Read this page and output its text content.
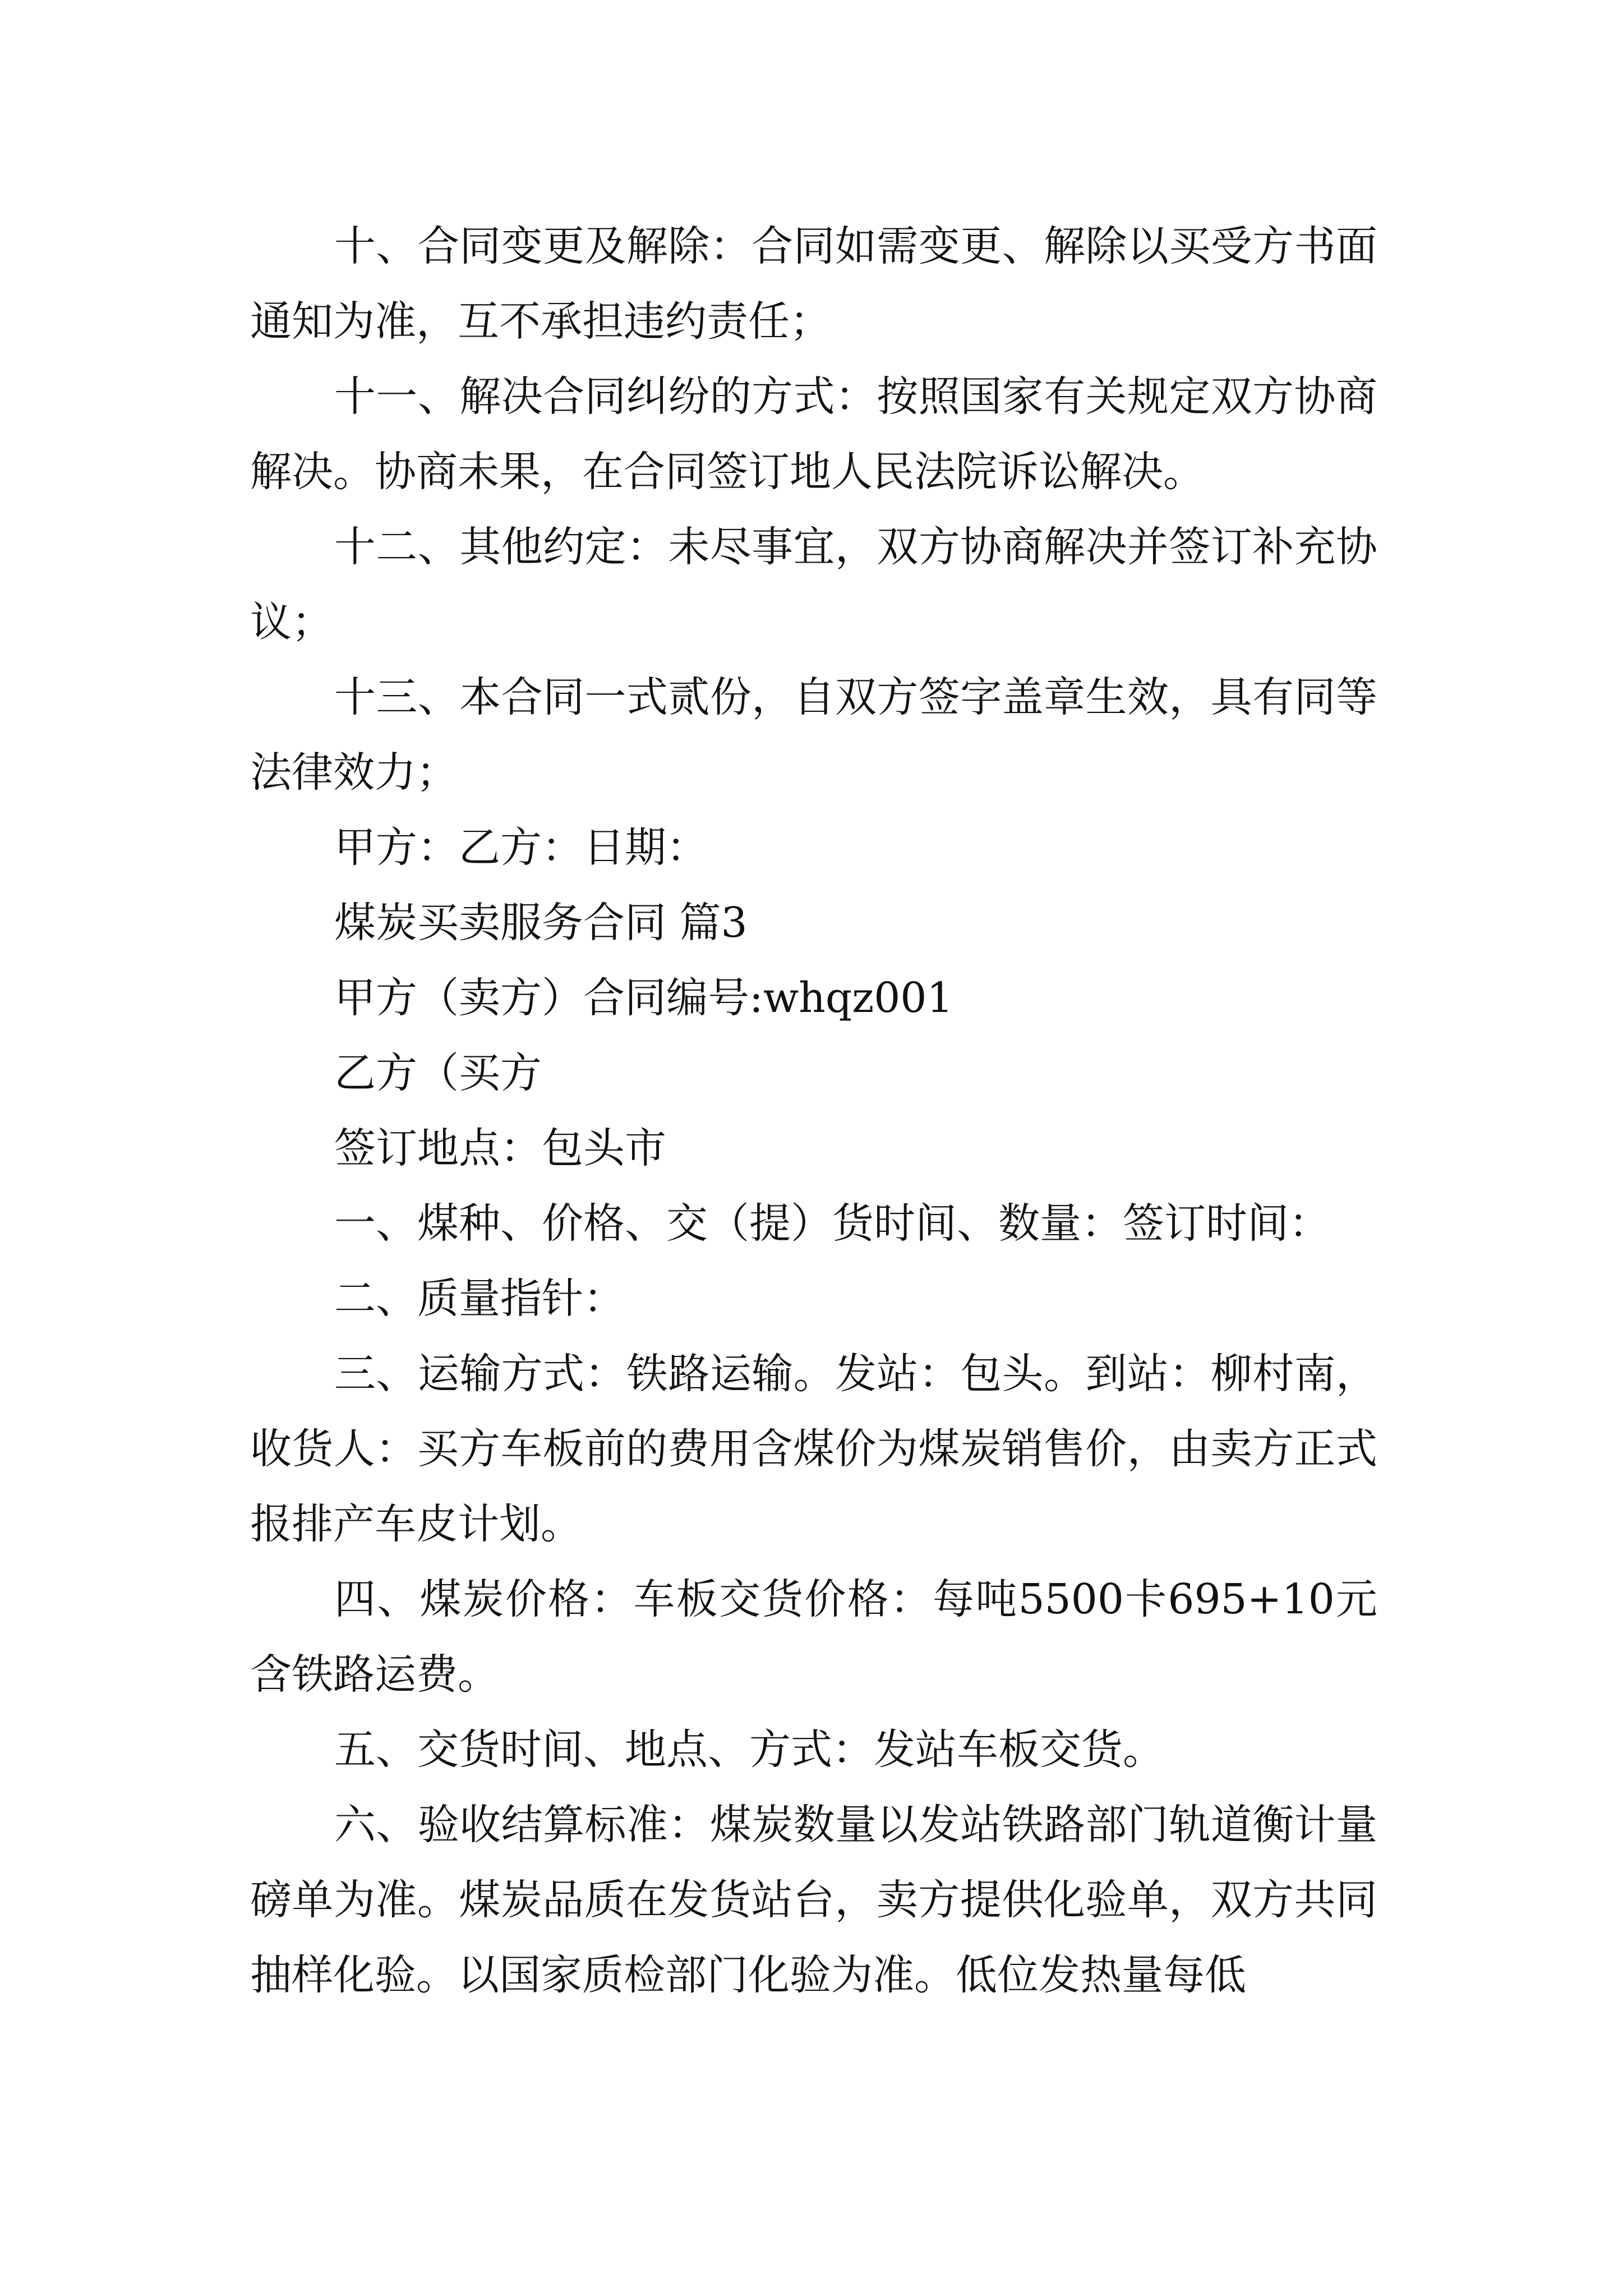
十、合同变更及解除：合同如需变更、解除以买受方书面通知为准，互不承担违约责任；

十一、解决合同纠纷的方式：按照国家有关规定双方协商解决。协商未果，在合同签订地人民法院诉讼解决。

十二、其他约定：未尽事宜，双方协商解决并签订补充协议；

十三、本合同一式贰份，自双方签字盖章生效，具有同等法律效力；

甲方：乙方：日期：

煤炭买卖服务合同 篇3

甲方（卖方）合同编号:whqz001

乙方（买方

签订地点：包头市

一、煤种、价格、交（提）货时间、数量：签订时间：

二、质量指针：

三、运输方式：铁路运输。发站：包头。到站：柳村南，收货人：买方车板前的费用含煤价为煤炭销售价，由卖方正式报排产车皮计划。

四、煤炭价格：车板交货价格：每吨5500卡695+10元含铁路运费。

五、交货时间、地点、方式：发站车板交货。

六、验收结算标准：煤炭数量以发站铁路部门轨道衡计量磅单为准。煤炭品质在发货站台，卖方提供化验单，双方共同抽样化验。以国家质检部门化验为准。低位发热量每低
